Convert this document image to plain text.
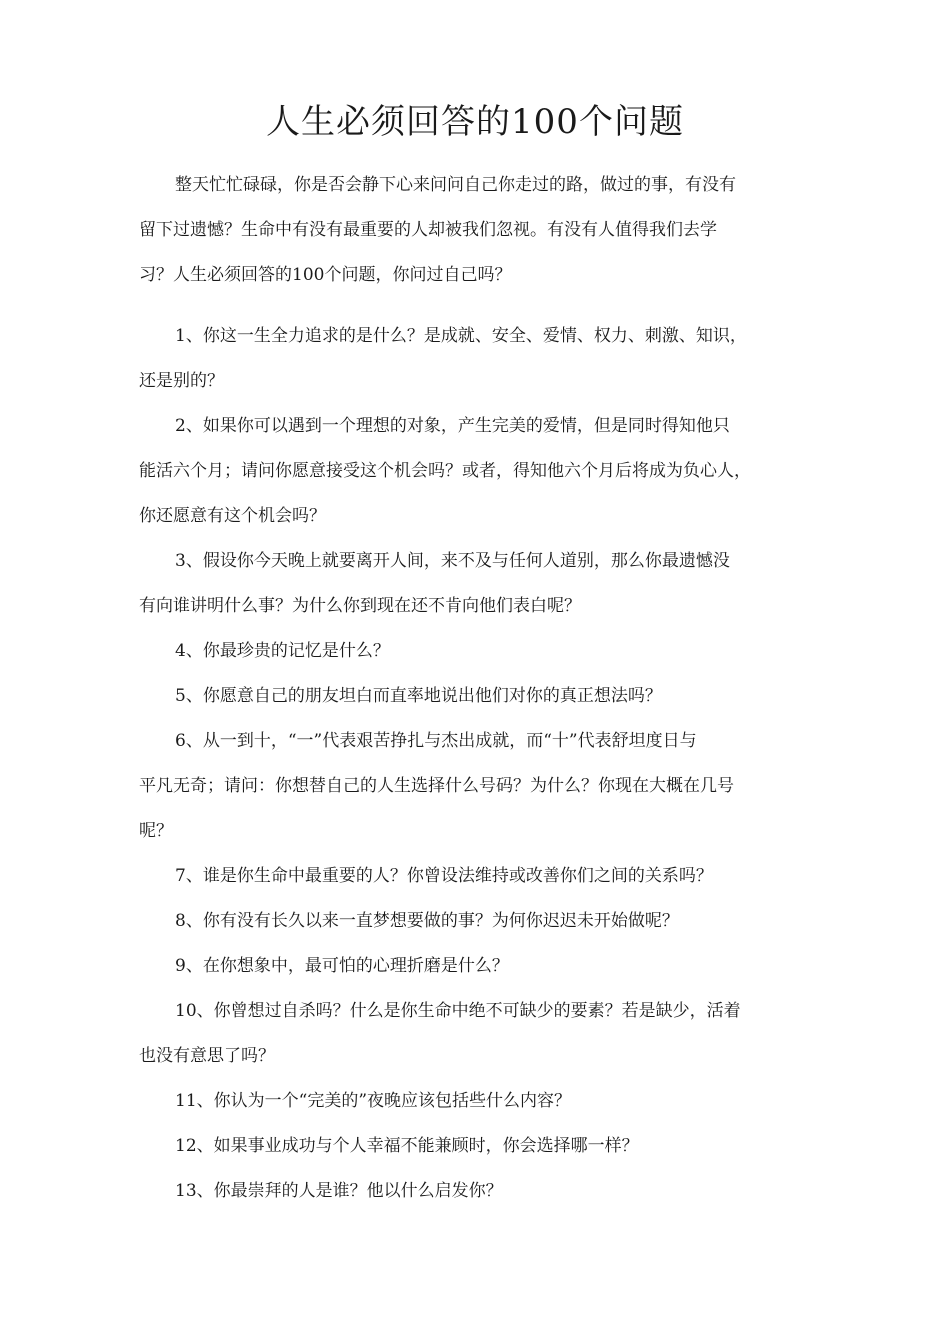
人生必须回答的100个问题

整天忙忙碌碌，你是否会静下心来问问自己你走过的路，做过的事，有没有
留下过遗憾？生命中有没有最重要的人却被我们忽视。有没有人值得我们去学
习？人生必须回答的100个问题，你问过自己吗？

1、你这一生全力追求的是什么？是成就、安全、爱情、权力、刺激、知识，
还是别的？

2、如果你可以遇到一个理想的对象，产生完美的爱情，但是同时得知他只
能活六个月；请问你愿意接受这个机会吗？或者，得知他六个月后将成为负心人，
你还愿意有这个机会吗？

3、假设你今天晚上就要离开人间，来不及与任何人道别，那么你最遗憾没
有向谁讲明什么事？为什么你到现在还不肯向他们表白呢？

4、你最珍贵的记忆是什么？

5、你愿意自己的朋友坦白而直率地说出他们对你的真正想法吗？

6、从一到十，“一”代表艰苦挣扎与杰出成就，而“十”代表舒坦度日与
平凡无奇；请问：你想替自己的人生选择什么号码？为什么？你现在大概在几号
呢？

7、谁是你生命中最重要的人？你曾设法维持或改善你们之间的关系吗？

8、你有没有长久以来一直梦想要做的事？为何你迟迟未开始做呢？

9、在你想象中，最可怕的心理折磨是什么？

10、你曾想过自杀吗？什么是你生命中绝不可缺少的要素？若是缺少，活着
也没有意思了吗？

11、你认为一个“完美的”夜晚应该包括些什么内容？

12、如果事业成功与个人幸福不能兼顾时，你会选择哪一样？

13、你最崇拜的人是谁？他以什么启发你？
